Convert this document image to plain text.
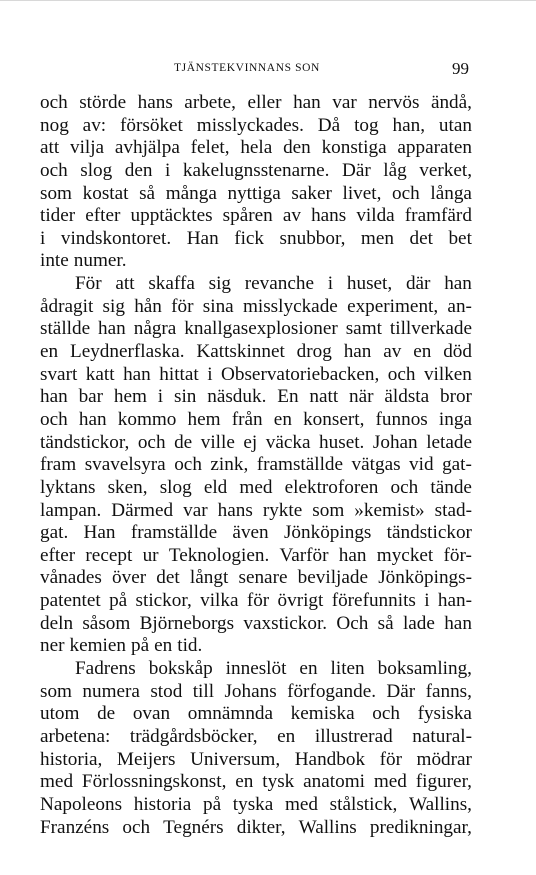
TJÄNSTEKVINNANS SON	99
och störde hans arbete, eller han var nervös ändå,
nog av: försöket misslyckades. Då tog han, utan
att vilja avhjälpa felet, hela den konstiga apparaten
och slog den i kakelugnsstenarne. Där låg verket,
som kostat så många nyttiga saker livet, och långa
tider efter upptäcktes spåren av hans vilda framfärd
i vindskontoret. Han fick snubbor, men det bet
inte numer.
För att skaffa sig revanche i huset, där han
ådragit sig hån för sina misslyckade experiment, an-
ställde han några knallgasexplosioner samt tillverkade
en Leydnerflaska. Kattskinnet drog han av en död
svart katt han hittat i Observatoriebacken, och vilken
han bar hem i sin näsduk. En natt när äldsta bror
och han kommo hem från en konsert, funnos inga
tändstickor, och de ville ej väcka huset. Johan letade
fram svavelsyra och zink, framställde vätgas vid gat-
lyktans sken, slog eld med elektroforen och tände
lampan. Därmed var hans rykte som »kemist» stad-
gat. Han framställde även Jönköpings tändstickor
efter recept ur Teknologien. Varför han mycket för-
vånades över det långt senare beviljade Jönköpings-
patentet på stickor, vilka för övrigt förefunnits i han-
deln såsom Björneborgs vaxstickor. Och så lade han
ner kemien på en tid.
Fadrens bokskåp inneslöt en liten boksamling,
som numera stod till Johans förfogande. Där fanns,
utom de ovan omnämnda kemiska och fysiska
arbetena: trädgårdsböcker, en illustrerad natural-
historia, Meijers Universum, Handbok för mödrar
med Förlossningskonst, en tysk anatomi med figurer,
Napoleons historia på tyska med stålstick, Wallins,
Franzéns och Tegnérs dikter, Wallins predikningar,
